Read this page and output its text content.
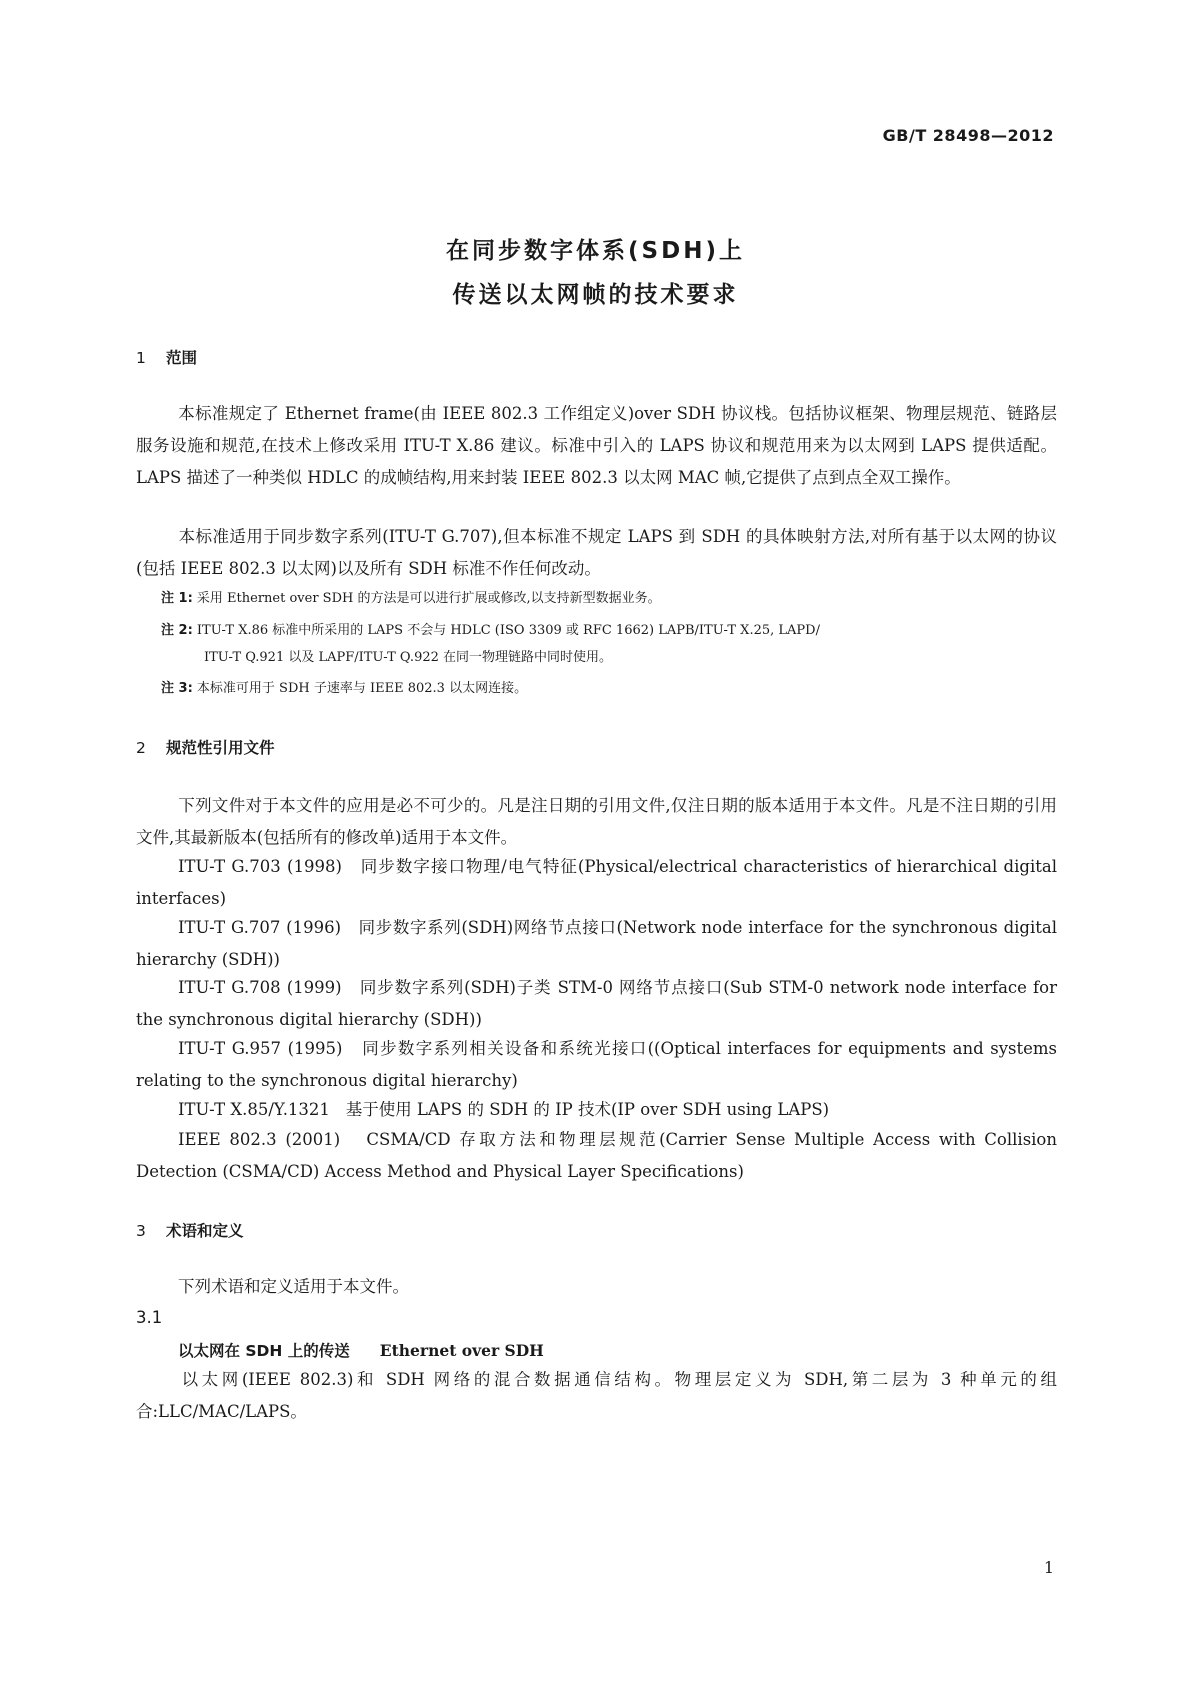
GB/T 28498—2012
在同步数字体系(SDH)上
传送以太网帧的技术要求
1 范围

本标准规定了 Ethernet frame(由 IEEE 802.3 工作组定义)over SDH 协议栈。包括协议框架、物理层规范、链路层服务设施和规范,在技术上修改采用 ITU-T X.86 建议。标准中引入的 LAPS 协议和规范用来为以太网到 LAPS 提供适配。LAPS 描述了一种类似 HDLC 的成帧结构,用来封装 IEEE 802.3 以太网 MAC 帧,它提供了点到点全双工操作。

本标准适用于同步数字系列(ITU-T G.707),但本标准不规定 LAPS 到 SDH 的具体映射方法,对所有基于以太网的协议(包括 IEEE 802.3 以太网)以及所有 SDH 标准不作任何改动。

注 1: 采用 Ethernet over SDH 的方法是可以进行扩展或修改,以支持新型数据业务。
注 2: ITU-T X.86 标准中所采用的 LAPS 不会与 HDLC (ISO 3309 或 RFC 1662) LAPB/ITU-T X.25, LAPD/
ITU-T Q.921 以及 LAPF/ITU-T Q.922 在同一物理链路中同时使用。
注 3: 本标准可用于 SDH 子速率与 IEEE 802.3 以太网连接。
2 规范性引用文件

下列文件对于本文件的应用是必不可少的。凡是注日期的引用文件,仅注日期的版本适用于本文件。凡是不注日期的引用文件,其最新版本(包括所有的修改单)适用于本文件。

ITU-T G.703 (1998) 同步数字接口物理/电气特征(Physical/electrical characteristics of hierarchical digital interfaces)

ITU-T G.707 (1996) 同步数字系列(SDH)网络节点接口(Network node interface for the synchronous digital hierarchy (SDH))

ITU-T G.708 (1999) 同步数字系列(SDH)子类 STM-0 网络节点接口(Sub STM-0 network node interface for the synchronous digital hierarchy (SDH))

ITU-T G.957 (1995) 同步数字系列相关设备和系统光接口((Optical interfaces for equipments and systems relating to the synchronous digital hierarchy)

ITU-T X.85/Y.1321 基于使用 LAPS 的 SDH 的 IP 技术(IP over SDH using LAPS)

IEEE 802.3 (2001) CSMA/CD 存取方法和物理层规范(Carrier Sense Multiple Access with Collision Detection (CSMA/CD) Access Method and Physical Layer Specifications)

3 术语和定义

下列术语和定义适用于本文件。

3.1
以太网在 SDH 上的传送 Ethernet over SDH

以太网(IEEE 802.3)和 SDH 网络的混合数据通信结构。物理层定义为 SDH,第二层为 3 种单元的组合:LLC/MAC/LAPS。

1
